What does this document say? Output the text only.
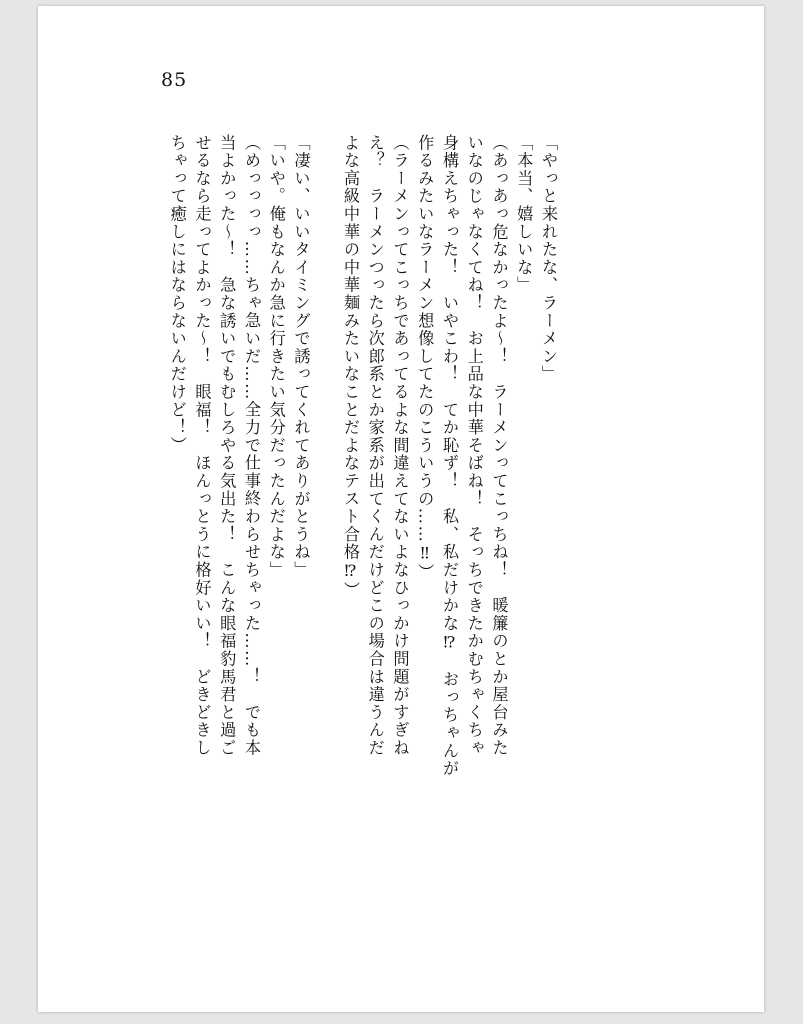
85
「やっと来れたな、ラーメン」
「本当、嬉しいな」
（あっあっ危なかったよ〜！　ラーメンってこっちね！　暖簾のとか屋台みた
いなのじゃなくてね！　お上品な中華そばね！　そっちできたかむちゃくちゃ
身構えちゃった！　いやこわ！　てか恥ず！　私、私だけかな⁉　おっちゃんが
作るみたいなラーメン想像してたのこういうの……‼）
（ラーメンってこっちであってるよな間違えてないよなひっかけ問題がすぎね
え？　ラーメンつったら次郎系とか家系が出てくんだけどこの場合は違うんだ
よな高級中華の中華麺みたいなことだよなテスト合格⁉）
「凄い、いいタイミングで誘ってくれてありがとうね」
「いや。俺もなんか急に行きたい気分だったんだよな」
（めっっっっ……ちゃ急いだ……全力で仕事終わらせちゃった……！　でも本
当よかった〜！　急な誘いでもむしろやる気出た！　こんな眼福豹馬君と過ご
せるなら走ってよかった〜！　眼福！　ほんっとうに格好いい！　どきどきし
ちゃって癒しにはならないんだけど！）
